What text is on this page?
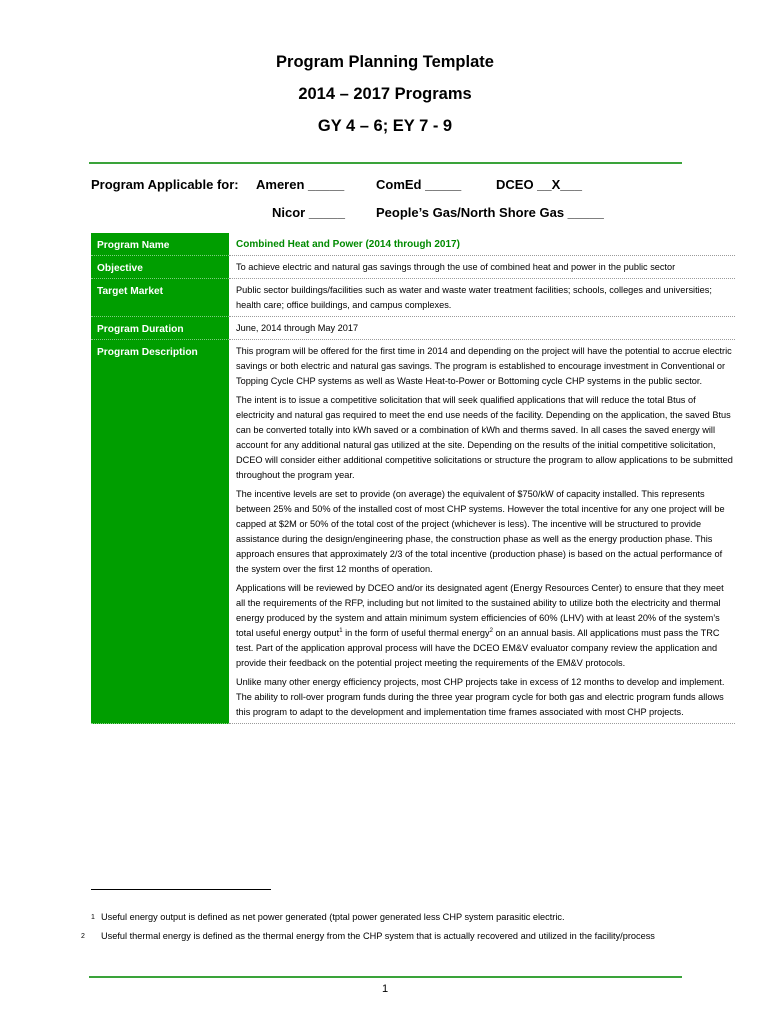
Program Planning Template
2014 – 2017 Programs
GY 4 – 6; EY 7 - 9
Program Applicable for: Ameren _____ ComEd _____	DCEO __X___
Nicor _____ People’s Gas/North Shore Gas _____
Program Name	Combined Heat and Power (2014 through 2017)
Objective	To achieve electric and natural gas savings through the use of combined heat and power in the public sector
Target Market	Public sector buildings/facilities such as water and waste water treatment facilities; schools, colleges and universities; health care; office buildings, and campus complexes.
Program Duration	June, 2014 through May 2017
Program Description	This program will be offered for the first time in 2014 and depending on the project will have the potential to accrue electric savings or both electric and natural gas savings. The program is established to encourage investment in Conventional or Topping Cycle CHP systems as well as Waste Heat-to-Power or Bottoming cycle CHP systems in the public sector.

The intent is to issue a competitive solicitation that will seek qualified applications that will reduce the total Btus of electricity and natural gas required to meet the end use needs of the facility. Depending on the application, the saved Btus can be converted totally into kWh saved or a combination of kWh and therms saved. In all cases the saved energy will account for any additional natural gas utilized at the site. Depending on the results of the initial competitive solicitation, DCEO will consider either additional competitive solicitations or structure the program to allow applications to be submitted throughout the program year.

The incentive levels are set to provide (on average) the equivalent of $750/kW of capacity installed. This represents between 25% and 50% of the installed cost of most CHP systems. However the total incentive for any one project will be capped at $2M or 50% of the total cost of the project (whichever is less). The incentive will be structured to provide assistance during the design/engineering phase, the construction phase as well as the energy production phase. This approach ensures that approximately 2/3 of the total incentive (production phase) is based on the actual performance of the system over the first 12 months of operation.

Applications will be reviewed by DCEO and/or its designated agent (Energy Resources Center) to ensure that they meet all the requirements of the RFP, including but not limited to the sustained ability to utilize both the electricity and thermal energy produced by the system and attain minimum system efficiencies of 60% (LHV) with at least 20% of the system’s total useful energy output$^1$ in the form of useful thermal energy$^2$ on an annual basis. All applications must pass the TRC test. Part of the application approval process will have the DCEO EM&V evaluator company review the application and provide their feedback on the potential project meeting the requirements of the EM&V protocols.

Unlike many other energy efficiency projects, most CHP projects take in excess of 12 months to develop and implement. The ability to roll-over program funds during the three year program cycle for both gas and electric program funds allows this program to adapt to the development and implementation time frames associated with most CHP projects.

1 Useful energy output is defined as net power generated (tptal power generated less CHP system parasitic electric.
2 Useful thermal energy is defined as the thermal energy from the CHP system that is actually recovered and utilized in the facility/process
1
